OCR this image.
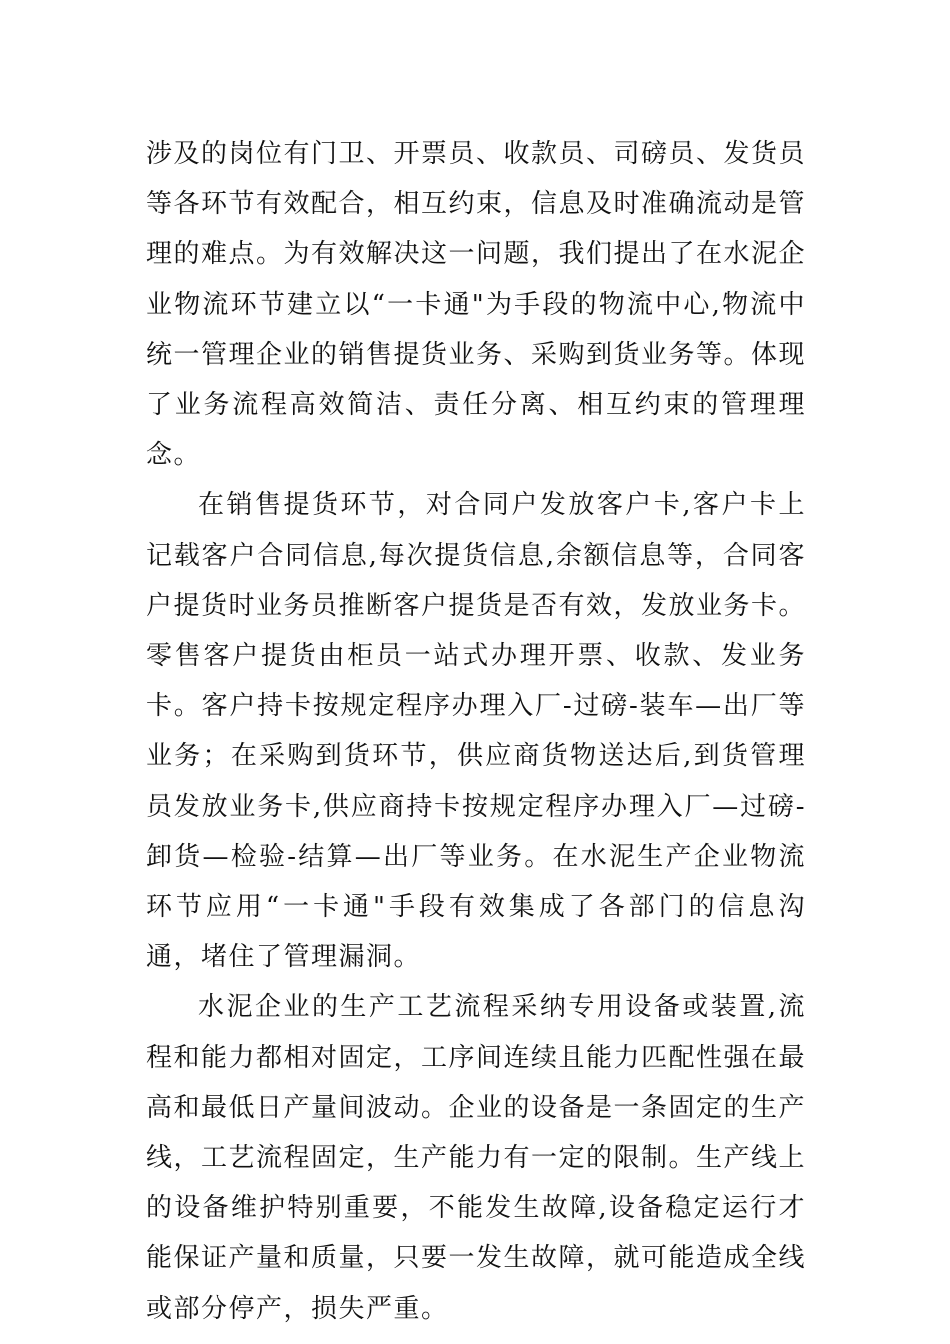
涉及的岗位有门卫、开票员、收款员、司磅员、发货员等各环节有效配合，相互约束，信息及时准确流动是管理的难点。为有效解决这一问题，我们提出了在水泥企业物流环节建立以“一卡通"为手段的物流中心,物流中统一管理企业的销售提货业务、采购到货业务等。体现了业务流程高效简洁、责任分离、相互约束的管理理念。

在销售提货环节，对合同户发放客户卡,客户卡上记载客户合同信息,每次提货信息,余额信息等，合同客户提货时业务员推断客户提货是否有效，发放业务卡。零售客户提货由柜员一站式办理开票、收款、发业务卡。客户持卡按规定程序办理入厂-过磅-装车—出厂等业务；在采购到货环节，供应商货物送达后,到货管理员发放业务卡,供应商持卡按规定程序办理入厂—过磅-卸货—检验-结算—出厂等业务。在水泥生产企业物流环节应用“一卡通"手段有效集成了各部门的信息沟通，堵住了管理漏洞。

水泥企业的生产工艺流程采纳专用设备或装置,流程和能力都相对固定，工序间连续且能力匹配性强在最高和最低日产量间波动。企业的设备是一条固定的生产线，工艺流程固定，生产能力有一定的限制。生产线上的设备维护特别重要，不能发生故障,设备稳定运行才能保证产量和质量，只要一发生故障，就可能造成全线或部分停产，损失严重。
